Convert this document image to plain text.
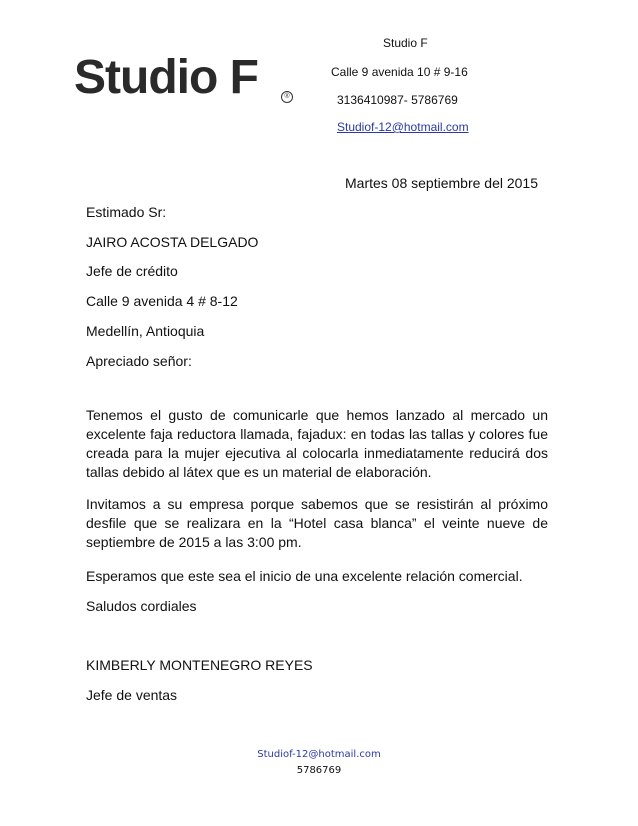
Studio F	®
Studio F
Calle 9 avenida 10 # 9-16
3136410987- 5786769
Studiof-12@hotmail.com
Martes 08 septiembre del 2015
Estimado Sr:
JAIRO ACOSTA DELGADO
Jefe de crédito
Calle 9 avenida 4 # 8-12
Medellín, Antioquia
Apreciado señor:
Tenemos el gusto de comunicarle que hemos lanzado al mercado un excelente faja reductora llamada, fajadux: en todas las tallas y colores fue creada para la mujer ejecutiva al colocarla inmediatamente reducirá dos tallas debido al látex que es un material de elaboración.
Invitamos a su empresa porque sabemos que se resistirán al próximo desfile que se realizara en la “Hotel casa blanca” el veinte nueve de septiembre de 2015 a las 3:00 pm.
Esperamos que este sea el inicio de una excelente relación comercial.
Saludos cordiales
KIMBERLY MONTENEGRO REYES
Jefe de ventas
Studiof-12@hotmail.com
5786769
